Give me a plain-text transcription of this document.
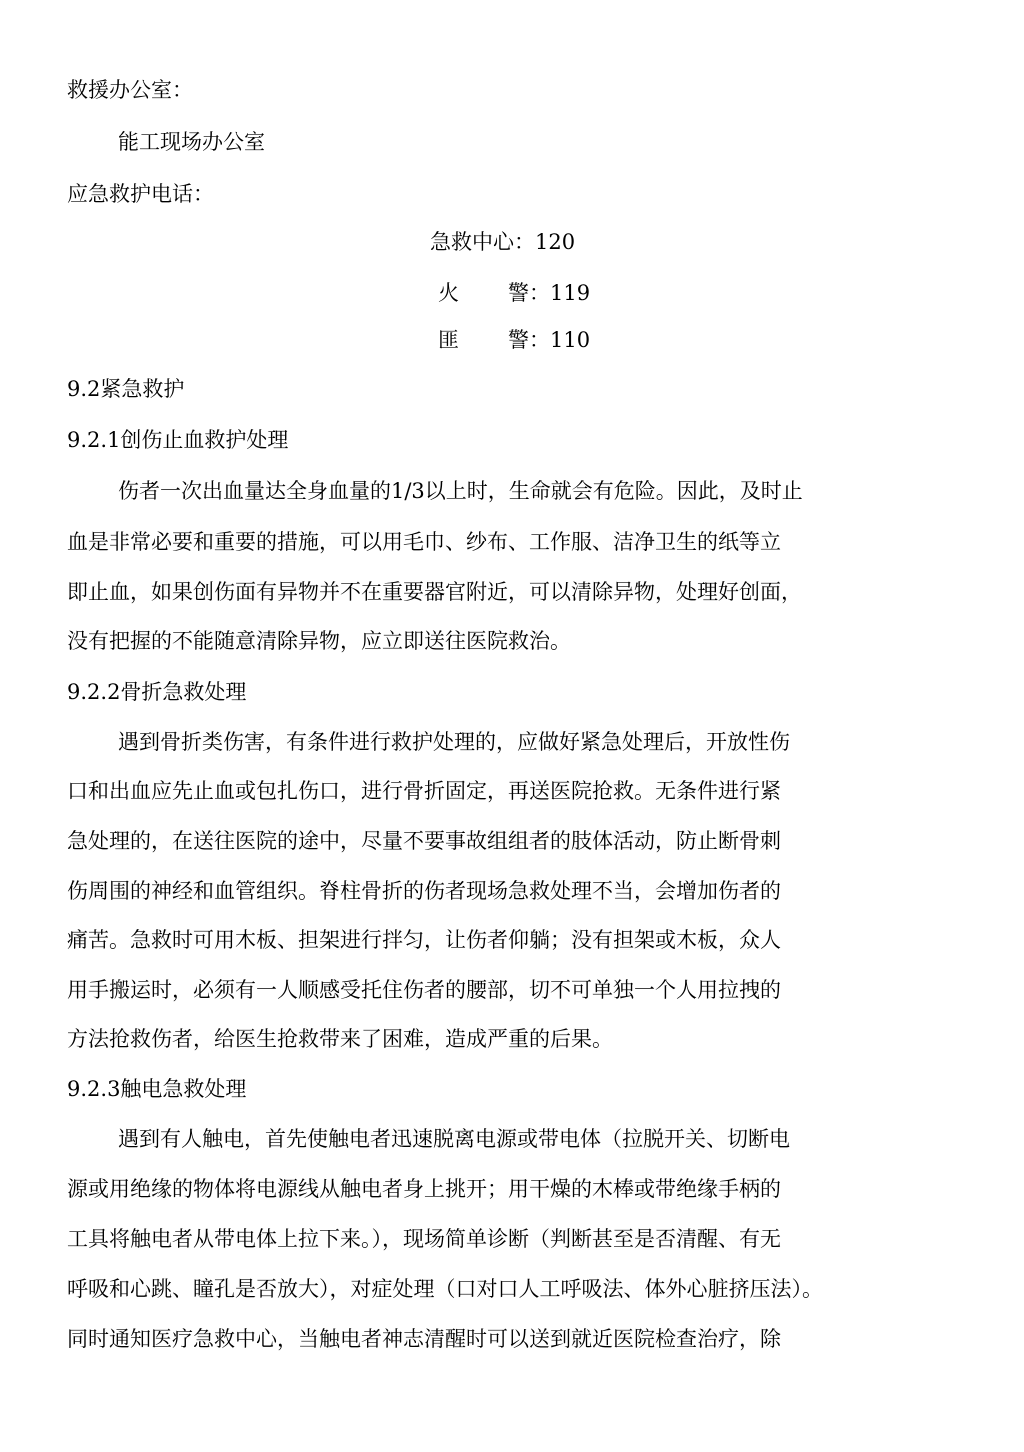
救援办公室：

能工现场办公室

应急救护电话：

急救中心：120

火 警：119

匪 警：110

9.2紧急救护

9.2.1创伤止血救护处理

伤者一次出血量达全身血量的1/3以上时，生命就会有危险。因此，及时止

血是非常必要和重要的措施，可以用毛巾、纱布、工作服、洁净卫生的纸等立

即止血，如果创伤面有异物并不在重要器官附近，可以清除异物，处理好创面，

没有把握的不能随意清除异物，应立即送往医院救治。

9.2.2骨折急救处理

遇到骨折类伤害，有条件进行救护处理的，应做好紧急处理后，开放性伤

口和出血应先止血或包扎伤口，进行骨折固定，再送医院抢救。无条件进行紧

急处理的，在送往医院的途中，尽量不要事故组组者的肢体活动，防止断骨刺

伤周围的神经和血管组织。脊柱骨折的伤者现场急救处理不当，会增加伤者的

痛苦。急救时可用木板、担架进行拌匀，让伤者仰躺；没有担架或木板，众人

用手搬运时，必须有一人顺感受托住伤者的腰部，切不可单独一个人用拉拽的

方法抢救伤者，给医生抢救带来了困难，造成严重的后果。

9.2.3触电急救处理

遇到有人触电，首先使触电者迅速脱离电源或带电体（拉脱开关、切断电

源或用绝缘的物体将电源线从触电者身上挑开；用干燥的木棒或带绝缘手柄的

工具将触电者从带电体上拉下来。），现场简单诊断（判断甚至是否清醒、有无

呼吸和心跳、瞳孔是否放大），对症处理（口对口人工呼吸法、体外心脏挤压法）。

同时通知医疗急救中心，当触电者神志清醒时可以送到就近医院检查治疗，除
